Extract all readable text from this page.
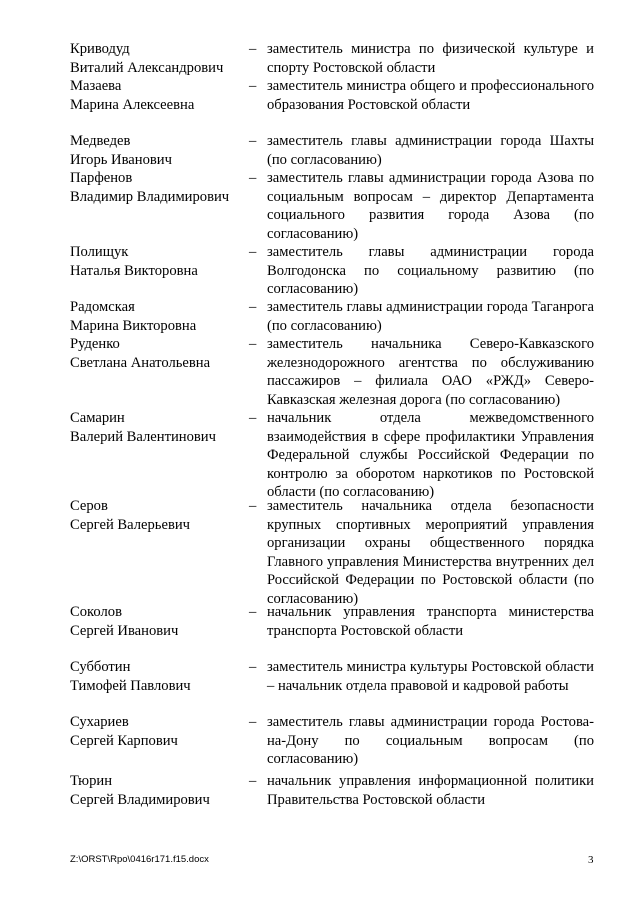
Криводуд
Виталий Александрович
– заместитель министра по физической культуре и спорту Ростовской области
Мазаева
Марина Алексеевна
– заместитель министра общего и профессионального образования Ростовской области
Медведев
Игорь Иванович
– заместитель главы администрации города Шахты (по согласованию)
Парфенов
Владимир Владимирович
– заместитель главы администрации города Азова по социальным вопросам – директор Департамента социального развития города Азова (по согласованию)
Полищук
Наталья Викторовна
– заместитель главы администрации города Волгодонска по социальному развитию (по согласованию)
Радомская
Марина Викторовна
– заместитель главы администрации города Таганрога (по согласованию)
Руденко
Светлана Анатольевна
– заместитель начальника Северо-Кавказского железнодорожного агентства по обслуживанию пассажиров – филиала ОАО «РЖД» Северо-Кавказская железная дорога (по согласованию)
Самарин
Валерий Валентинович
– начальник отдела межведомственного взаимодействия в сфере профилактики Управления Федеральной службы Российской Федерации по контролю за оборотом наркотиков по Ростовской области (по согласованию)
Серов
Сергей Валерьевич
– заместитель начальника отдела безопасности крупных спортивных мероприятий управления организации охраны общественного порядка Главного управления Министерства внутренних дел Российской Федерации по Ростовской области (по согласованию)
Соколов
Сергей Иванович
– начальник управления транспорта министерства транспорта Ростовской области
Субботин
Тимофей Павлович
– заместитель министра культуры Ростовской области – начальник отдела правовой и кадровой работы
Сухариев
Сергей Карпович
– заместитель главы администрации города Ростова-на-Дону по социальным вопросам (по согласованию)
Тюрин
Сергей Владимирович
– начальник управления информационной политики Правительства Ростовской области
Z:\ORST\Rpo\0416r171.f15.docx	3
